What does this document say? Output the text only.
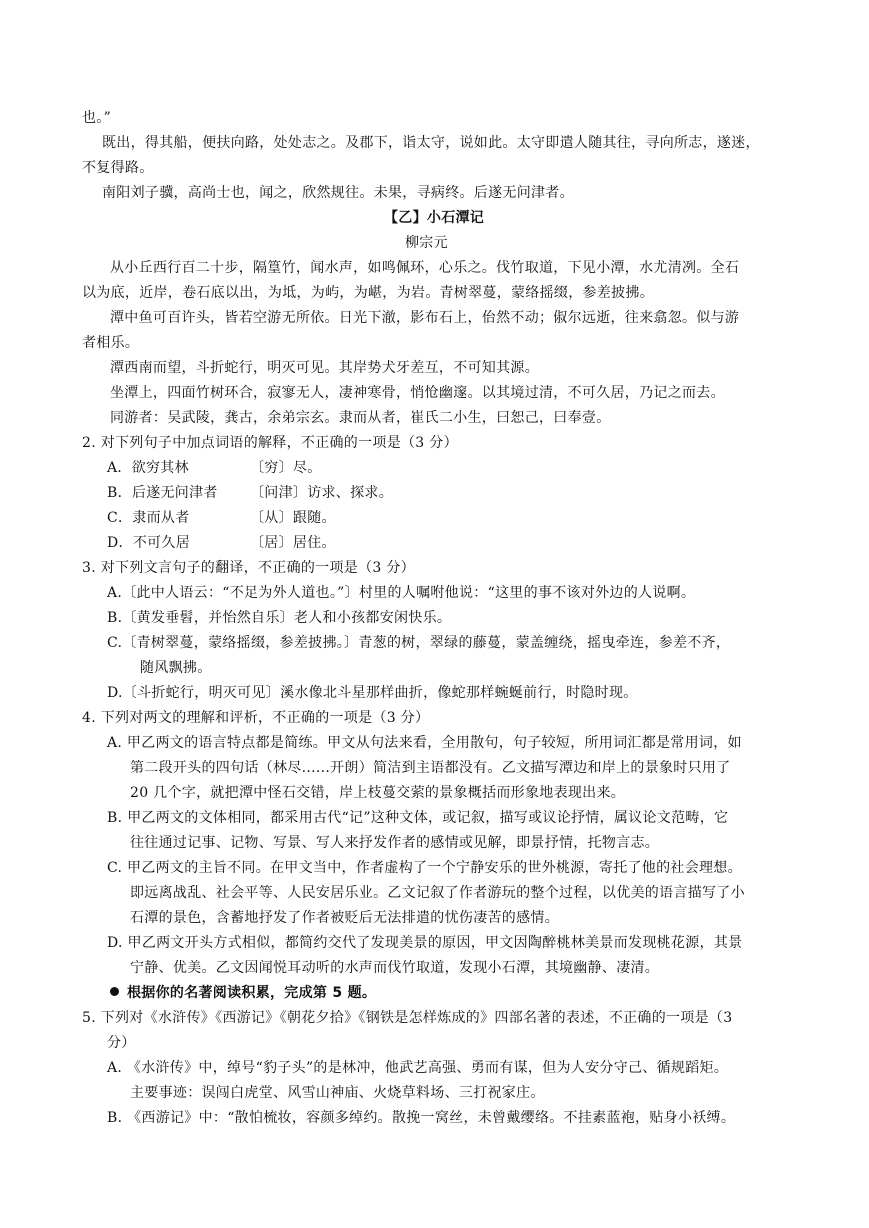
也。”
既出，得其船，便扶向路，处处志之。及郡下，诣太守，说如此。太守即遣人随其往，寻向所志，遂迷，
不复得路。
南阳刘子骥，高尚士也，闻之，欣然规往。未果，寻病终。后遂无问津者。
【乙】小石潭记
柳宗元
从小丘西行百二十步，隔篁竹，闻水声，如鸣佩环，心乐之。伐竹取道，下见小潭，水尤清冽。全石
以为底，近岸，卷石底以出，为坻，为屿，为嵁，为岩。青树翠蔓，蒙络摇缀，参差披拂。
潭中鱼可百许头，皆若空游无所依。日光下澈，影布石上，佁然不动；俶尔远逝，往来翕忽。似与游
者相乐。
潭西南而望，斗折蛇行，明灭可见。其岸势犬牙差互，不可知其源。
坐潭上，四面竹树环合，寂寥无人，凄神寒骨，悄怆幽邃。以其境过清，不可久居，乃记之而去。
同游者：吴武陵，龚古，余弟宗玄。隶而从者，崔氏二小生，曰恕己，曰奉壹。
2. 对下列句子中加点词语的解释，不正确的一项是（3 分）
A．欲穷其林	〔穷〕尽。
B．后遂无问津者 〔问津〕访求、探求。
C．隶而从者	〔从〕跟随。
D．不可久居	〔居〕居住。
3. 对下列文言句子的翻译，不正确的一项是（3 分）
A.〔此中人语云：“不足为外人道也。”〕村里的人嘱咐他说：“这里的事不该对外边的人说啊。
B.〔黄发垂髫，并怡然自乐〕老人和小孩都安闲快乐。
C.〔青树翠蔓，蒙络摇缀，参差披拂。〕青葱的树，翠绿的藤蔓，蒙盖缠绕，摇曳牵连，参差不齐，
随风飘拂。
D.〔斗折蛇行，明灭可见〕溪水像北斗星那样曲折，像蛇那样蜿蜒前行，时隐时现。
4. 下列对两文的理解和评析，不正确的一项是（3 分）
A. 甲乙两文的语言特点都是简练。甲文从句法来看，全用散句，句子较短，所用词汇都是常用词，如
第二段开头的四句话（林尽......开朗）简洁到主语都没有。乙文描写潭边和岸上的景象时只用了
20 几个字，就把潭中怪石交错，岸上枝蔓交萦的景象概括而形象地表现出来。
B. 甲乙两文的文体相同，都采用古代“记”这种文体，或记叙，描写或议论抒情，属议论文范畴，它
往往通过记事、记物、写景、写人来抒发作者的感情或见解，即景抒情，托物言志。
C. 甲乙两文的主旨不同。在甲文当中，作者虚构了一个宁静安乐的世外桃源，寄托了他的社会理想。
即远离战乱、社会平等、人民安居乐业。乙文记叙了作者游玩的整个过程，以优美的语言描写了小
石潭的景色，含蓄地抒发了作者被贬后无法排遣的忧伤凄苦的感情。
D. 甲乙两文开头方式相似，都简约交代了发现美景的原因，甲文因陶醉桃林美景而发现桃花源，其景
宁静、优美。乙文因闻悦耳动听的水声而伐竹取道，发现小石潭，其境幽静、凄清。
根据你的名著阅读积累，完成第 5 题。
5. 下列对《水浒传》《西游记》《朝花夕拾》《钢铁是怎样炼成的》四部名著的表述，不正确的一项是（3
分）
A. 《水浒传》中，绰号“豹子头”的是林冲，他武艺高强、勇而有谋，但为人安分守己、循规蹈矩。
主要事迹：误闯白虎堂、风雪山神庙、火烧草料场、三打祝家庄。
B. 《西游记》中：“散怕梳妆，容颜多绰约。散挽一窝丝，未曾戴缨络。不挂素蓝袍，贴身小袄缚。
